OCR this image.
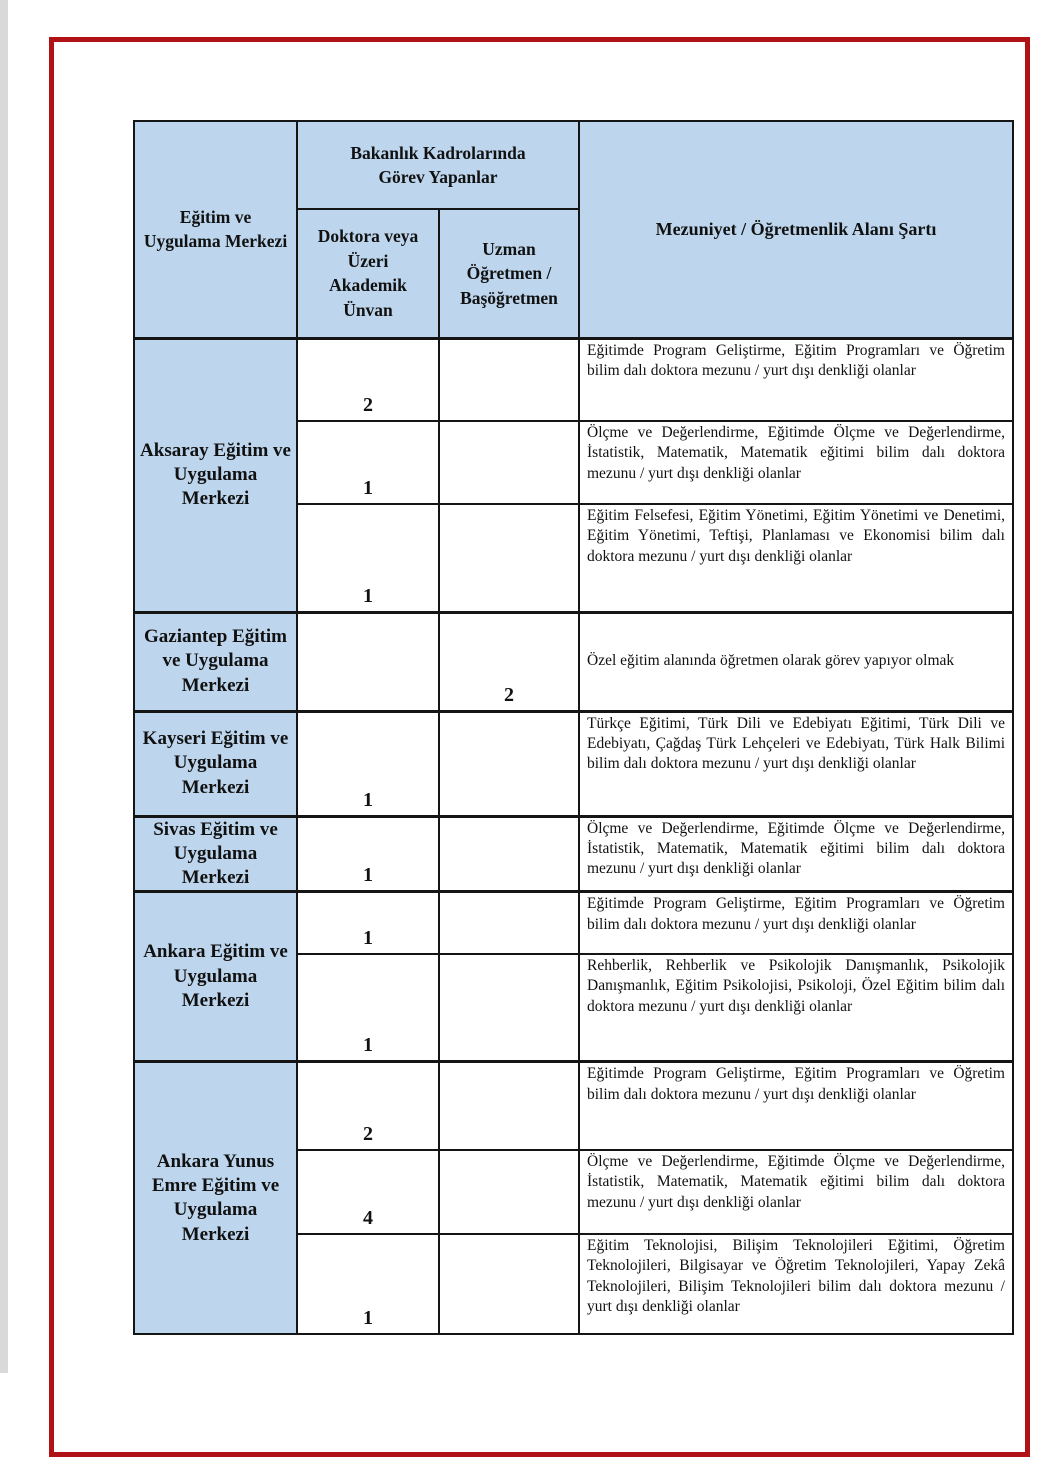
Eğitim ve Uygulama Merkezi	Bakanlık Kadrolarında Görev Yapanlar		Mezuniyet / Öğretmenlik Alanı Şartı
	Doktora veya Üzeri Akademik Ünvan	Uzman Öğretmen / Başöğretmen	
Aksaray Eğitim ve Uygulama Merkezi	2		Eğitimde Program Geliştirme, Eğitim Programları ve Öğretim bilim dalı doktora mezunu / yurt dışı denkliği olanlar
	1		Ölçme ve Değerlendirme, Eğitimde Ölçme ve Değerlendirme, İstatistik, Matematik, Matematik eğitimi bilim dalı doktora mezunu / yurt dışı denkliği olanlar
	1		Eğitim Felsefesi, Eğitim Yönetimi, Eğitim Yönetimi ve Denetimi, Eğitim Yönetimi, Teftişi, Planlaması ve Ekonomisi bilim dalı doktora mezunu / yurt dışı denkliği olanlar
Gaziantep Eğitim ve Uygulama Merkezi		2	Özel eğitim alanında öğretmen olarak görev yapıyor olmak
Kayseri Eğitim ve Uygulama Merkezi	1		Türkçe Eğitimi, Türk Dili ve Edebiyatı Eğitimi, Türk Dili ve Edebiyatı, Çağdaş Türk Lehçeleri ve Edebiyatı, Türk Halk Bilimi bilim dalı doktora mezunu / yurt dışı denkliği olanlar
Sivas Eğitim ve Uygulama Merkezi	1		Ölçme ve Değerlendirme, Eğitimde Ölçme ve Değerlendirme, İstatistik, Matematik, Matematik eğitimi bilim dalı doktora mezunu / yurt dışı denkliği olanlar
Ankara Eğitim ve Uygulama Merkezi	1		Eğitimde Program Geliştirme, Eğitim Programları ve Öğretim bilim dalı doktora mezunu / yurt dışı denkliği olanlar
	1		Rehberlik, Rehberlik ve Psikolojik Danışmanlık, Psikolojik Danışmanlık, Eğitim Psikolojisi, Psikoloji, Özel Eğitim bilim dalı doktora mezunu / yurt dışı denkliği olanlar
Ankara Yunus Emre Eğitim ve Uygulama Merkezi	2		Eğitimde Program Geliştirme, Eğitim Programları ve Öğretim bilim dalı doktora mezunu / yurt dışı denkliği olanlar
	4		Ölçme ve Değerlendirme, Eğitimde Ölçme ve Değerlendirme, İstatistik, Matematik, Matematik eğitimi bilim dalı doktora mezunu / yurt dışı denkliği olanlar
	1		Eğitim Teknolojisi, Bilişim Teknolojileri Eğitimi, Öğretim Teknolojileri, Bilgisayar ve Öğretim Teknolojileri, Yapay Zekâ Teknolojileri, Bilişim Teknolojileri bilim dalı doktora mezunu / yurt dışı denkliği olanlar
